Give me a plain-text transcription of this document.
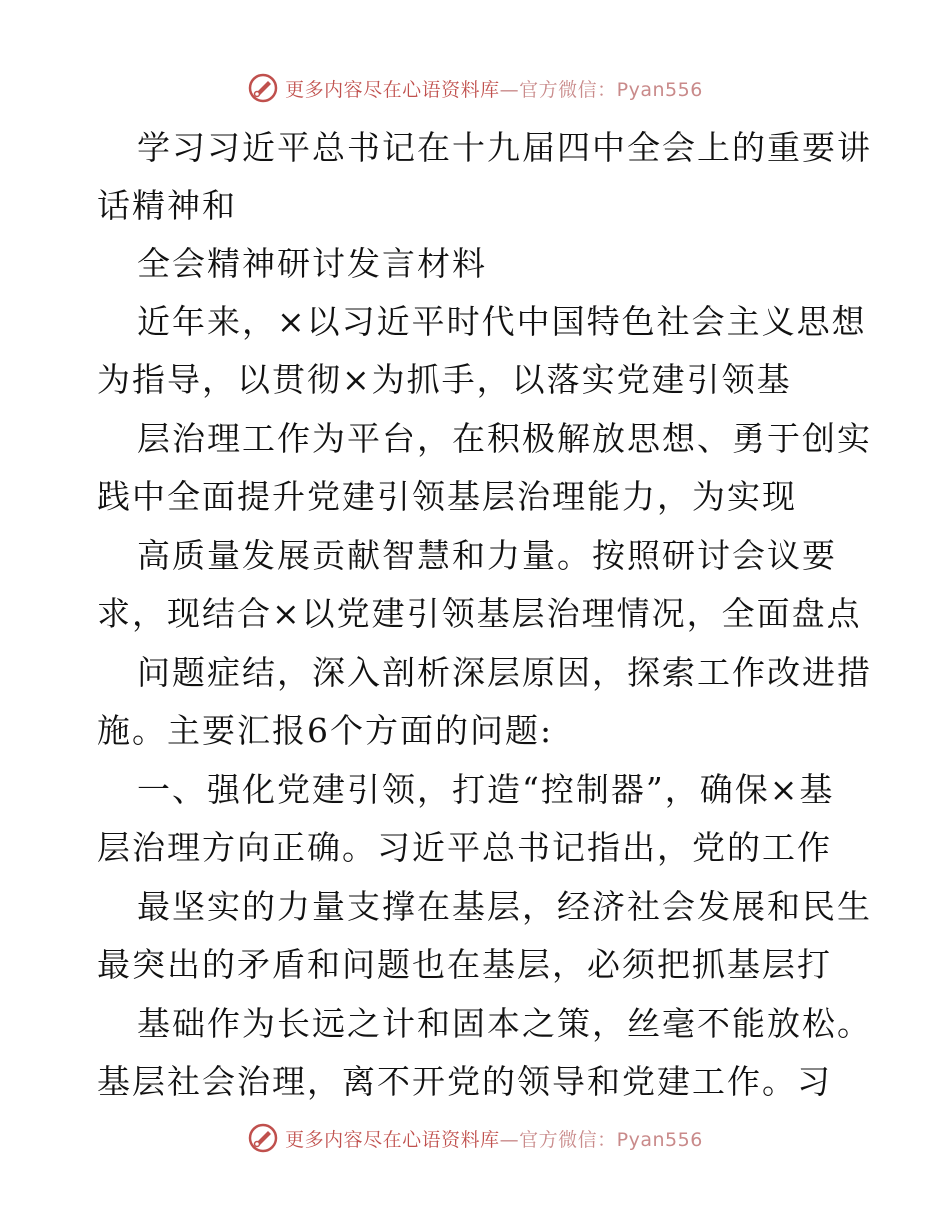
更多内容尽在心语资料库—官方微信：Pyan556
学习习近平总书记在十九届四中全会上的重要讲
话精神和
全会精神研讨发言材料
近年来，×以习近平时代中国特色社会主义思想
为指导，以贯彻×为抓手，以落实党建引领基
层治理工作为平台，在积极解放思想、勇于创实
践中全面提升党建引领基层治理能力，为实现
高质量发展贡献智慧和力量。按照研讨会议要
求，现结合×以党建引领基层治理情况，全面盘点
问题症结，深入剖析深层原因，探索工作改进措
施。主要汇报6个方面的问题:
一、强化党建引领，打造“控制器”，确保×基
层治理方向正确。习近平总书记指出，党的工作
最坚实的力量支撑在基层，经济社会发展和民生
最突出的矛盾和问题也在基层，必须把抓基层打
基础作为长远之计和固本之策，丝毫不能放松。
基层社会治理，离不开党的领导和党建工作。习
更多内容尽在心语资料库—官方微信：Pyan556
